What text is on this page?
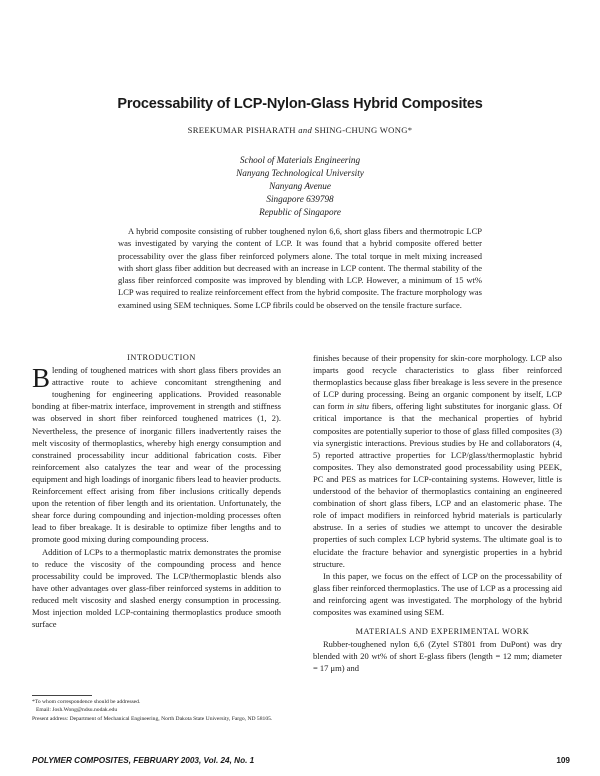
Processability of LCP-Nylon-Glass Hybrid Composites
SREEKUMAR PISHARATH and SHING-CHUNG WONG*
School of Materials Engineering
Nanyang Technological University
Nanyang Avenue
Singapore 639798
Republic of Singapore
A hybrid composite consisting of rubber toughened nylon 6,6, short glass fibers and thermotropic LCP was investigated by varying the content of LCP. It was found that a hybrid composite offered better processability over the glass fiber reinforced polymers alone. The total torque in melt mixing increased with short glass fiber addition but decreased with an increase in LCP content. The thermal stability of the glass fiber reinforced composite was improved by blending with LCP. However, a minimum of 15 wt% LCP was required to realize reinforcement effect from the hybrid composite. The fracture morphology was examined using SEM techniques. Some LCP fibrils could be observed on the tensile fracture surface.

INTRODUCTION

Blending of toughened matrices with short glass fibers provides an attractive route to achieve concomitant strengthening and toughening for engineering applications. Provided reasonable bonding at fiber-matrix interface, improvement in strength and stiffness was observed in short fiber reinforced toughened matrices (1, 2). Nevertheless, the presence of inorganic fillers inadvertently raises the melt viscosity of thermoplastics, whereby high energy consumption and constrained processability incur additional fabrication costs. Fiber reinforcement also catalyzes the tear and wear of the processing equipment and high loadings of inorganic fibers lead to heavier products. Reinforcement effect arising from fiber inclusions critically depends upon the retention of fiber length and its orientation. Unfortunately, the shear force during compounding and injection-molding processes often lead to fiber breakage. It is desirable to optimize fiber lengths and to promote good mixing during compounding process.

Addition of LCPs to a thermoplastic matrix demonstrates the promise to reduce the viscosity of the compounding process and hence processability could be improved. The LCP/thermoplastic blends also have other advantages over glass-fiber reinforced systems in addition to reduced melt viscosity and slashed energy consumption in processing. Most injection molded LCP-containing thermoplastics produce smooth surface

finishes because of their propensity for skin-core morphology. LCP also imparts good recycle characteristics to glass fiber reinforced thermoplastics because glass fiber breakage is less severe in the presence of LCP during processing. Being an organic component by itself, LCP can form in situ fibers, offering light substitutes for inorganic glass. Of critical importance is that the mechanical properties of hybrid composites are potentially superior to those of glass filled composites (3) via synergistic interactions. Previous studies by He and collaborators (4, 5) reported attractive properties for LCP/glass/thermoplastic hybrid composites. They also demonstrated good processability using PEEK, PC and PES as matrices for LCP-containing systems. However, little is understood of the behavior of thermoplastics containing an engineered combination of short glass fibers, LCP and an elastomeric phase. The role of impact modifiers in reinforced hybrid materials is particularly abstruse. In a series of studies we attempt to uncover the desirable properties of such complex LCP hybrid systems. The ultimate goal is to elucidate the fracture behavior and synergistic properties in a hybrid structure.

In this paper, we focus on the effect of LCP on the processability of glass fiber reinforced thermoplastics. The use of LCP as a processing aid and reinforcing agent was investigated. The morphology of the hybrid composites was examined using SEM.

MATERIALS AND EXPERIMENTAL WORK

Rubber-toughened nylon 6,6 (Zytel ST801 from DuPont) was dry blended with 20 wt% of short E-glass fibers (length = 12 mm; diameter = 17 μm) and

*To whom correspondence should be addressed.

Email: Josh.Wong@ndsu.nodak.edu

Present address: Department of Mechanical Engineering, North Dakota State University, Fargo, ND 58105.

POLYMER COMPOSITES, FEBRUARY 2003, Vol. 24, No. 1	109
